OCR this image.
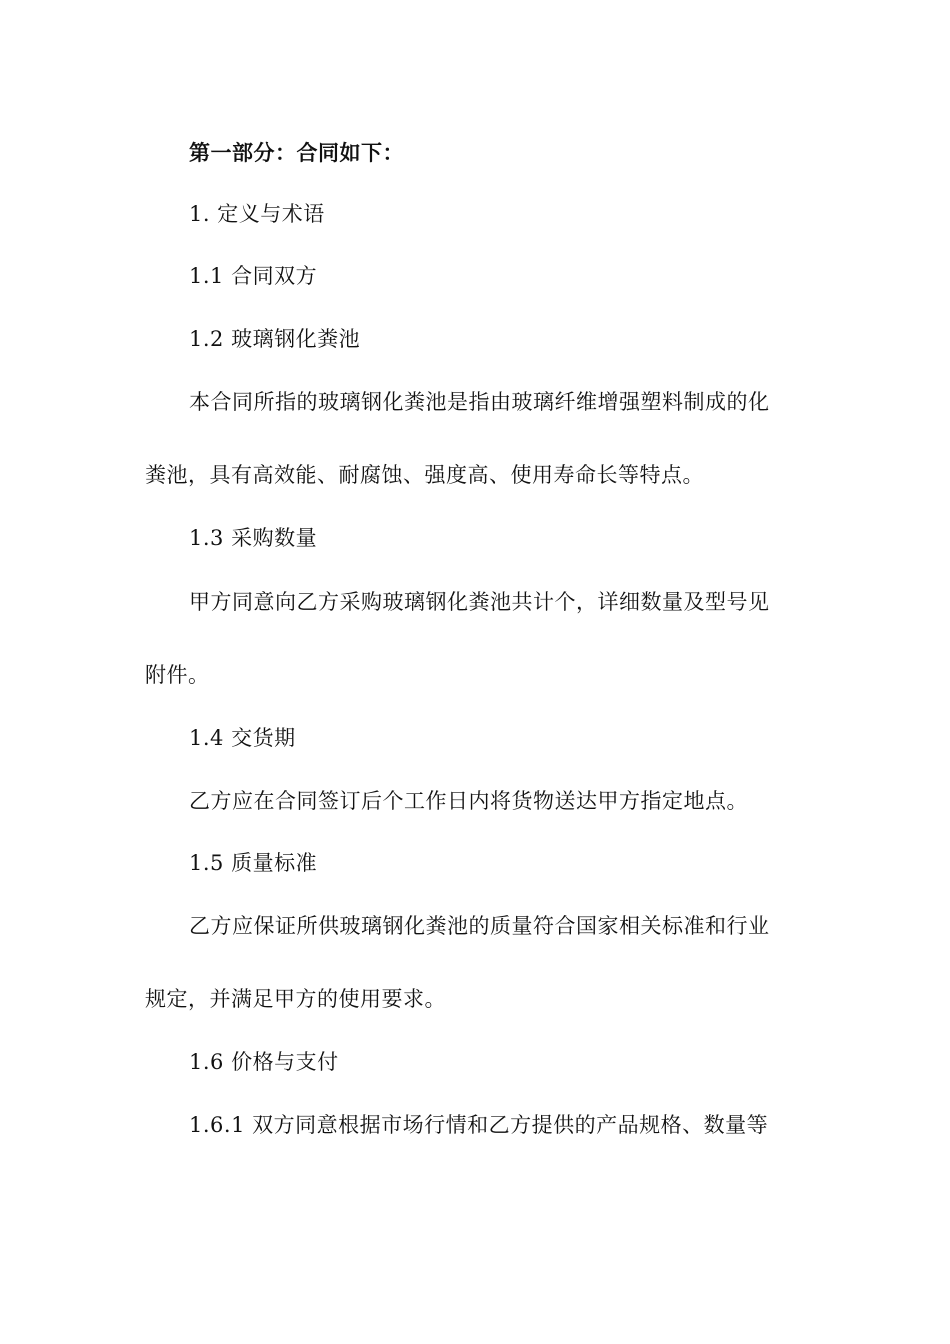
第一部分：合同如下：
1. 定义与术语
1.1 合同双方
1.2 玻璃钢化粪池
本合同所指的玻璃钢化粪池是指由玻璃纤维增强塑料制成的化
粪池，具有高效能、耐腐蚀、强度高、使用寿命长等特点。
1.3 采购数量
甲方同意向乙方采购玻璃钢化粪池共计个，详细数量及型号见
附件。
1.4 交货期
乙方应在合同签订后个工作日内将货物送达甲方指定地点。
1.5 质量标准
乙方应保证所供玻璃钢化粪池的质量符合国家相关标准和行业
规定，并满足甲方的使用要求。
1.6 价格与支付
1.6.1 双方同意根据市场行情和乙方提供的产品规格、数量等
